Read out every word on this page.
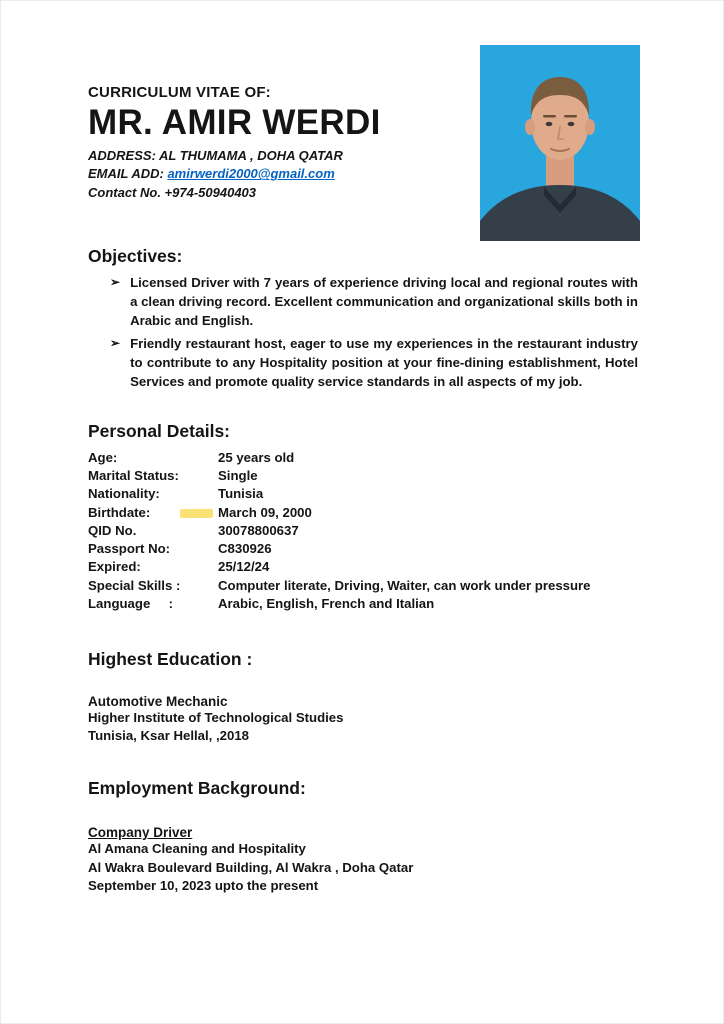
CURRICULUM VITAE OF:
MR. AMIR WERDI
ADDRESS: AL THUMAMA , DOHA QATAR
EMAIL ADD: amirwerdi2000@gmail.com
Contact No. +974-50940403
Objectives:
➢ Licensed Driver with 7 years of experience driving local and regional routes with a clean driving record. Excellent communication and organizational skills both in Arabic and English.
➢ Friendly restaurant host, eager to use my experiences in the restaurant industry to contribute to any Hospitality position at your fine-dining establishment, Hotel Services and promote quality service standards in all aspects of my job.
Personal Details:
Age:	25 years old
Marital Status:	Single
Nationality:	Tunisia
Birthdate:	March 09, 2000
QID No.	30078800637
Passport No:	C830926
Expired:	25/12/24
Special Skills :	Computer literate, Driving, Waiter, can work under pressure
Language     :	Arabic, English, French and Italian
Highest Education :
Automotive Mechanic
Higher Institute of Technological Studies
Tunisia, Ksar Hellal, ,2018
Employment Background:
Company Driver
Al Amana Cleaning and Hospitality
Al Wakra Boulevard Building, Al Wakra , Doha Qatar
September 10, 2023 upto the present
